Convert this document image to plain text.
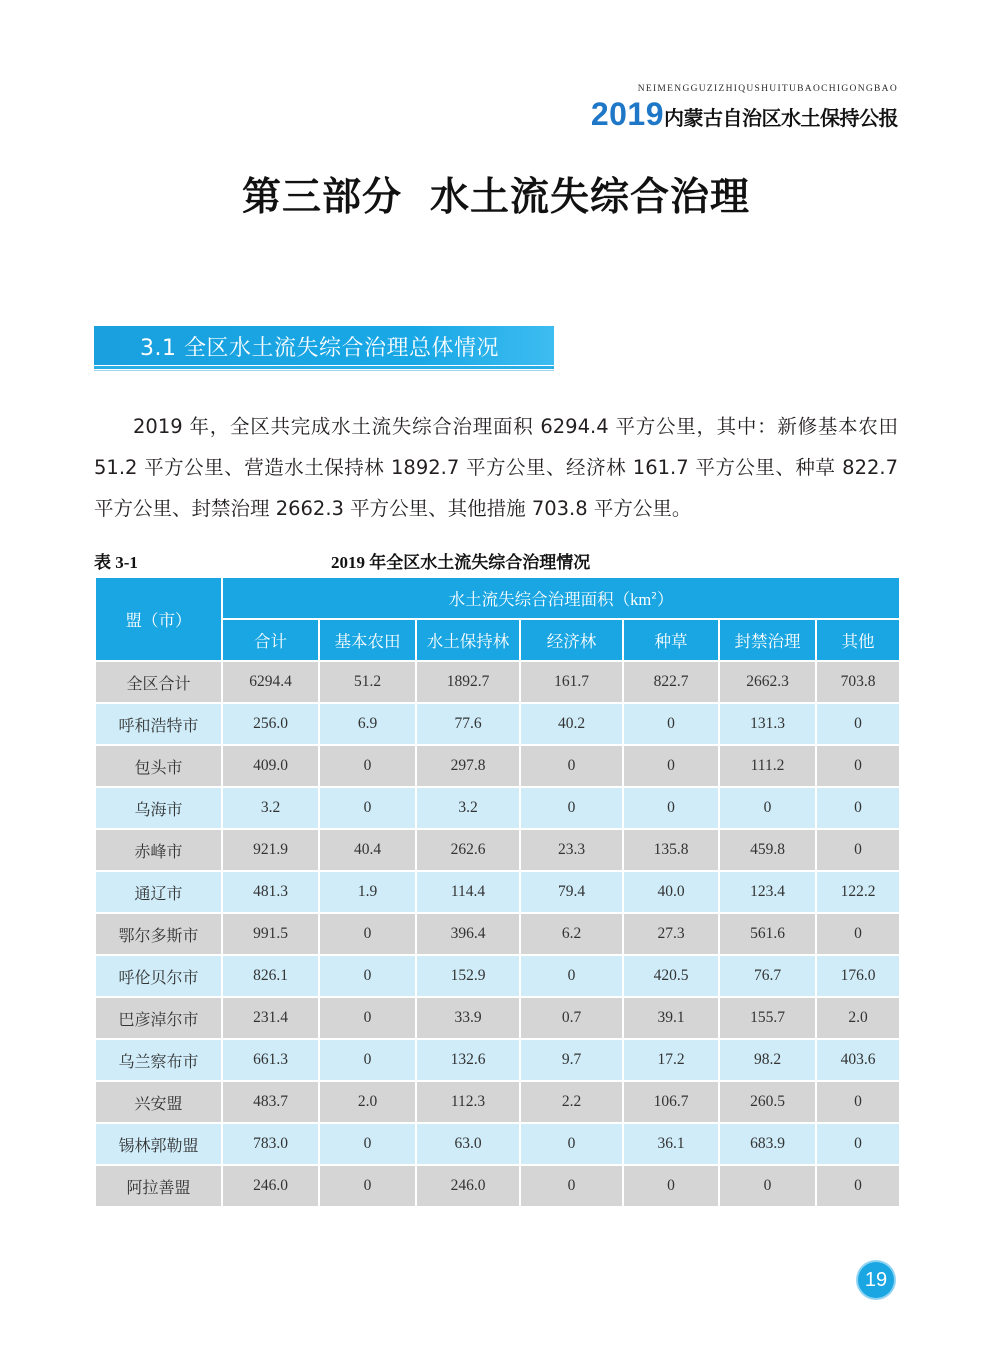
NEIMENGGUZIZHIQUSHUITUBAOCHIGONGBAO
2019内蒙古自治区水土保持公报
第三部分 水土流失综合治理
3.1 全区水土流失综合治理总体情况
2019 年，全区共完成水土流失综合治理面积 6294.4 平方公里，其中：新修基本农田 51.2 平方公里、营造水土保持林 1892.7 平方公里、经济林 161.7 平方公里、种草 822.7 平方公里、封禁治理 2662.3 平方公里、其他措施 703.8 平方公里。
表 3-1	2019 年全区水土流失综合治理情况
盟（市）	水土流失综合治理面积$(km^2)$						
	合计	基本农田	水土保持林	经济林	种草	封禁治理	其他
全区合计	6294.4	51.2	1892.7	161.7	822.7	2662.3	703.8
呼和浩特市	256.0	6.9	77.6	40.2	0	131.3	0
包头市	409.0	0	297.8	0	0	111.2	0
乌海市	3.2	0	3.2	0	0	0	0
赤峰市	921.9	40.4	262.6	23.3	135.8	459.8	0
通辽市	481.3	1.9	114.4	79.4	40.0	123.4	122.2
鄂尔多斯市	991.5	0	396.4	6.2	27.3	561.6	0
呼伦贝尔市	826.1	0	152.9	0	420.5	76.7	176.0
巴彦淖尔市	231.4	0	33.9	0.7	39.1	155.7	2.0
乌兰察布市	661.3	0	132.6	9.7	17.2	98.2	403.6
兴安盟	483.7	2.0	112.3	2.2	106.7	260.5	0
锡林郭勒盟	783.0	0	63.0	0	36.1	683.9	0
阿拉善盟	246.0	0	246.0	0	0	0	0
19
